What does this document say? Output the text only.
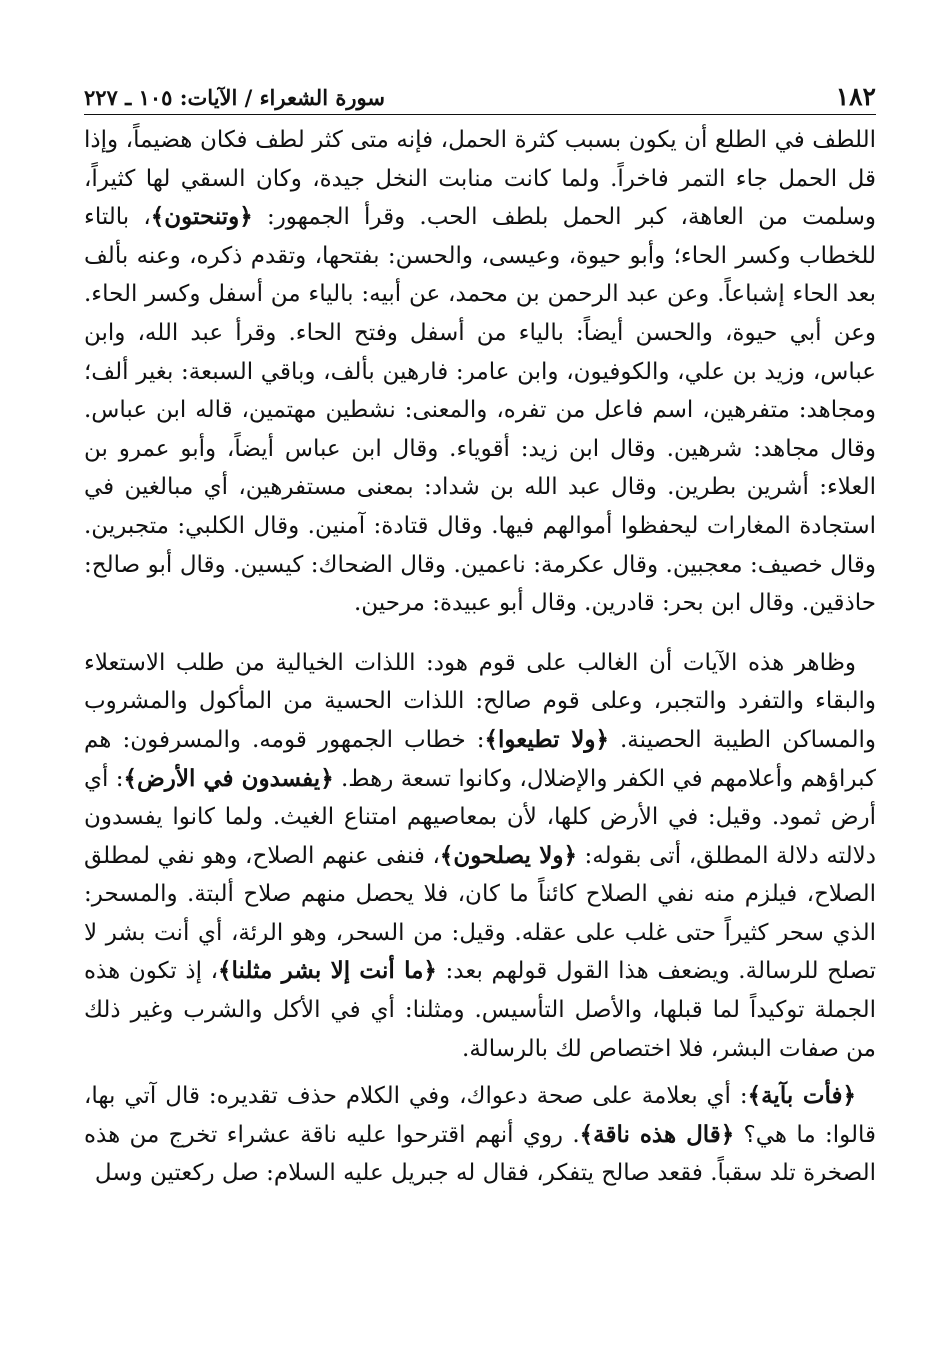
١٨٢
سورة الشعراء / الآيات: ١٠٥ ـ ٢٢٧

اللطف في الطلع أن يكون بسبب كثرة الحمل، فإنه متى كثر لطف فكان هضيماً، وإذا قل الحمل جاء التمر فاخراً. ولما كانت منابت النخل جيدة، وكان السقي لها كثيراً، وسلمت من العاهة، كبر الحمل بلطف الحب. وقرأ الجمهور: ﴿وتنحتون﴾، بالتاء للخطاب وكسر الحاء؛ وأبو حيوة، وعيسى، والحسن: بفتحها، وتقدم ذكره، وعنه بألف بعد الحاء إشباعاً. وعن عبد الرحمن بن محمد، عن أبيه: بالياء من أسفل وكسر الحاء. وعن أبي حيوة، والحسن أيضاً: بالياء من أسفل وفتح الحاء. وقرأ عبد الله، وابن عباس، وزيد بن علي، والكوفيون، وابن عامر: فارهين بألف، وباقي السبعة: بغير ألف؛ ومجاهد: متفرهين، اسم فاعل من تفره، والمعنى: نشطين مهتمين، قاله ابن عباس. وقال مجاهد: شرهين. وقال ابن زيد: أقوياء. وقال ابن عباس أيضاً، وأبو عمرو بن العلاء: أشرين بطرين. وقال عبد الله بن شداد: بمعنى مستفرهين، أي مبالغين في استجادة المغارات ليحفظوا أموالهم فيها. وقال قتادة: آمنين. وقال الكلبي: متجبرين. وقال خصيف: معجبين. وقال عكرمة: ناعمين. وقال الضحاك: كيسين. وقال أبو صالح: حاذقين. وقال ابن بحر: قادرين. وقال أبو عبيدة: مرحين.

وظاهر هذه الآيات أن الغالب على قوم هود: اللذات الخيالية من طلب الاستعلاء والبقاء والتفرد والتجبر، وعلى قوم صالح: اللذات الحسية من المأكول والمشروب والمساكن الطيبة الحصينة. ﴿ولا تطيعوا﴾: خطاب الجمهور قومه. والمسرفون: هم كبراؤهم وأعلامهم في الكفر والإضلال، وكانوا تسعة رهط. ﴿يفسدون في الأرض﴾: أي أرض ثمود. وقيل: في الأرض كلها، لأن بمعاصيهم امتناع الغيث. ولما كانوا يفسدون دلالته دلالة المطلق، أتى بقوله: ﴿ولا يصلحون﴾، فنفى عنهم الصلاح، وهو نفي لمطلق الصلاح، فيلزم منه نفي الصلاح كائناً ما كان، فلا يحصل منهم صلاح ألبتة. والمسحر: الذي سحر كثيراً حتى غلب على عقله. وقيل: من السحر، وهو الرئة، أي أنت بشر لا تصلح للرسالة. ويضعف هذا القول قولهم بعد: ﴿ما أنت إلا بشر مثلنا﴾، إذ تكون هذه الجملة توكيداً لما قبلها، والأصل التأسيس. ومثلنا: أي في الأكل والشرب وغير ذلك من صفات البشر، فلا اختصاص لك بالرسالة.

﴿فأت بآية﴾: أي بعلامة على صحة دعواك، وفي الكلام حذف تقديره: قال آتي بها، قالوا: ما هي؟ ﴿قال هذه ناقة﴾. روي أنهم اقترحوا عليه ناقة عشراء تخرج من هذه الصخرة تلد سقباً. فقعد صالح يتفكر، فقال له جبريل عليه السلام: صل ركعتين وسل
